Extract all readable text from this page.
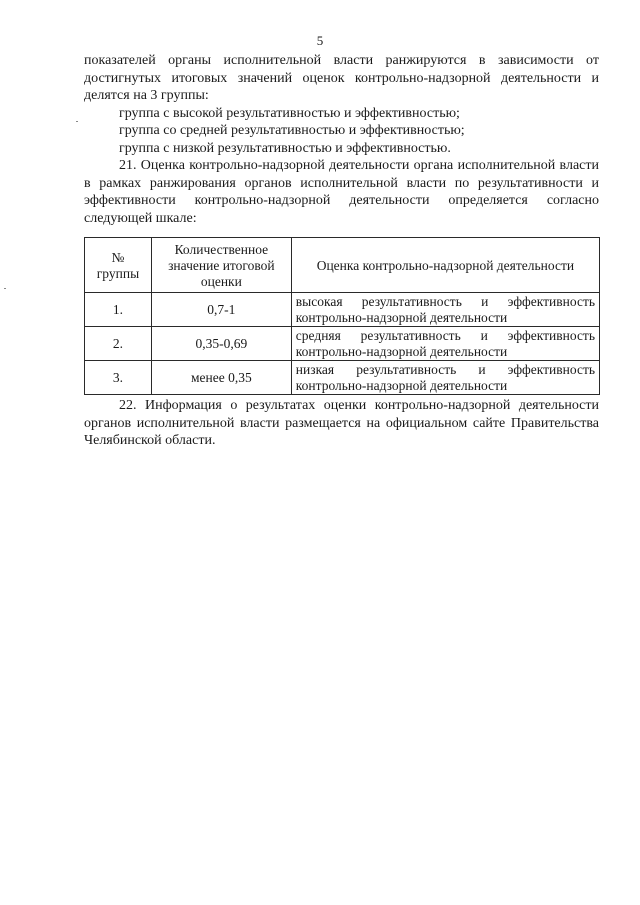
5

показателей органы исполнительной власти ранжируются в зависимости от достигнутых итоговых значений оценок контрольно-надзорной деятельности и делятся на 3 группы:

группа с высокой результативностью и эффективностью;

группа со средней результативностью и эффективностью;

группа с низкой результативностью и эффективностью.

21. Оценка контрольно-надзорной деятельности органа исполнительной власти в рамках ранжирования органов исполнительной власти по результативности и эффективности контрольно-надзорной деятельности определяется согласно следующей шкале:

№ группы	Количественное значение итоговой оценки	Оценка контрольно-надзорной деятельности
1.	0,7-1	высокая результативность и эффективность контрольно-надзорной деятельности
2.	0,35-0,69	средняя результативность и эффективность контрольно-надзорной деятельности
3.	менее 0,35	низкая результативность и эффективность контрольно-надзорной деятельности

22. Информация о результатах оценки контрольно-надзорной деятельности органов исполнительной власти размещается на официальном сайте Правительства Челябинской области.
